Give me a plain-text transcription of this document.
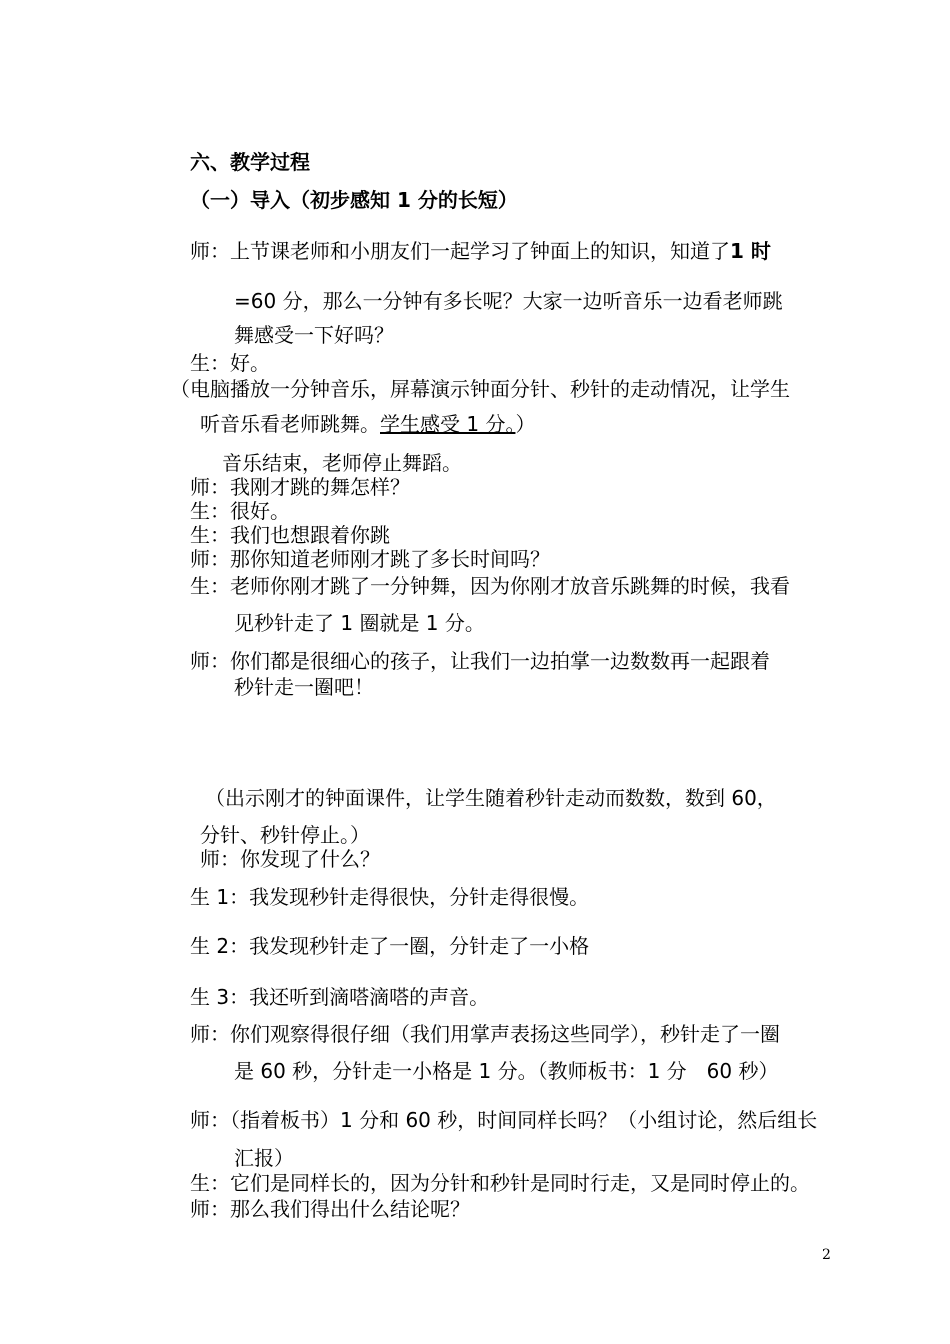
六、教学过程
（一）导入（初步感知 1 分的长短）
师：上节课老师和小朋友们一起学习了钟面上的知识，知道了1 时
=60 分，那么一分钟有多长呢？大家一边听音乐一边看老师跳
舞感受一下好吗？
生：好。
（电脑播放一分钟音乐，屏幕演示钟面分针、秒针的走动情况，让学生
听音乐看老师跳舞。学生感受 1 分。）
音乐结束，老师停止舞蹈。
师：我刚才跳的舞怎样？
生：很好。
生：我们也想跟着你跳
师：那你知道老师刚才跳了多长时间吗？
生：老师你刚才跳了一分钟舞，因为你刚才放音乐跳舞的时候，我看
见秒针走了 1 圈就是 1 分。
师：你们都是很细心的孩子，让我们一边拍掌一边数数再一起跟着
秒针走一圈吧！
（出示刚才的钟面课件，让学生随着秒针走动而数数，数到 60，
分针、秒针停止。）
师：你发现了什么？
生 1：我发现秒针走得很快，分针走得很慢。
生 2：我发现秒针走了一圈，分针走了一小格
生 3：我还听到滴嗒滴嗒的声音。
师：你们观察得很仔细（我们用掌声表扬这些同学），秒针走了一圈
是 60 秒，分针走一小格是 1 分。（教师板书：1 分　60 秒）
师：（指着板书）1 分和 60 秒，时间同样长吗？（小组讨论，然后组长
汇报）
生：它们是同样长的，因为分针和秒针是同时行走，又是同时停止的。
师：那么我们得出什么结论呢？
2
